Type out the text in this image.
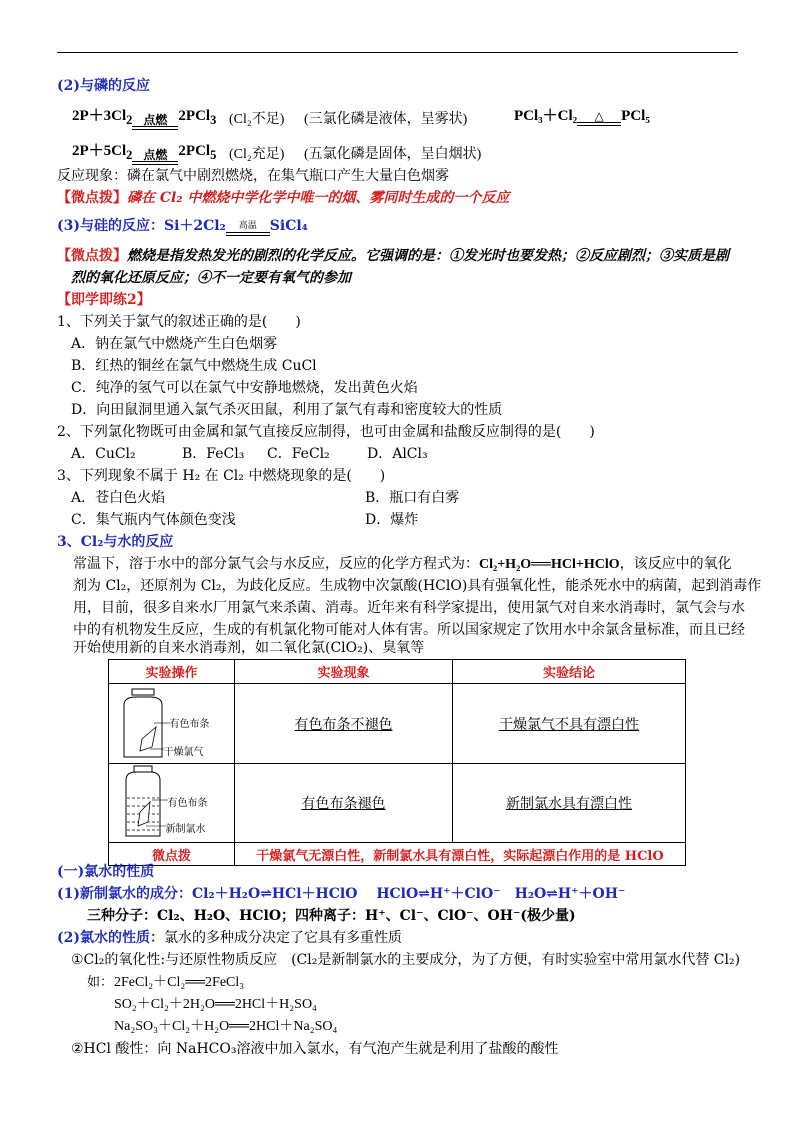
(2)与磷的反应
$2P+3Cl_2$ 点燃 2PCl$_3$ (Cl₂不足) (三氯化磷是液体，呈雾状)	PCl₃＋Cl₂	△	PCl₅
$2P+5Cl_2$ 点燃 2PCl$_5$ (Cl₂充足) (五氯化磷是固体，呈白烟状)
反应现象：磷在氯气中剧烈燃烧，在集气瓶口产生大量白色烟雾
【微点拨】磷在 Cl₂ 中燃烧中学化学中唯一的烟、雾同时生成的一个反应
(3)与硅的反应：Si＋2Cl₂	高温 SiCl₄
【微点拨】燃烧是指发热发光的剧烈的化学反应。它强调的是：①发光时也要发热；②反应剧烈；③实质是剧
烈的氧化还原反应；④不一定要有氧气的参加
【即学即练2】
1、下列关于氯气的叙述正确的是(　　)
A．钠在氯气中燃烧产生白色烟雾
B．红热的铜丝在氯气中燃烧生成 CuCl
C．纯净的氢气可以在氯气中安静地燃烧，发出黄色火焰
D．向田鼠洞里通入氯气杀灭田鼠，利用了氯气有毒和密度较大的性质
2、下列氯化物既可由金属和氯气直接反应制得，也可由金属和盐酸反应制得的是(　　)
A．CuCl₂	B．FeCl₃ C．FeCl₂	D．AlCl₃
3、下列现象不属于 H₂ 在 Cl₂ 中燃烧现象的是(　　)
A．苍白色火焰	B．瓶口有白雾
C．集气瓶内气体颜色变浅	D．爆炸
3、Cl₂与水的反应
常温下，溶于水中的部分氯气会与水反应，反应的化学方程式为：Cl₂+H₂O══HCl+HClO，该反应中的氧化
剂为 Cl₂，还原剂为 Cl₂，为歧化反应。生成物中次氯酸(HClO)具有强氧化性，能杀死水中的病菌，起到消毒作
用，目前，很多自来水厂用氯气来杀菌、消毒。近年来有科学家提出，使用氯气对自来水消毒时，氯气会与水
中的有机物发生反应，生成的有机氯化物可能对人体有害。所以国家规定了饮用水中余氯含量标准，而且已经
开始使用新的自来水消毒剂，如二氧化氯(ClO₂)、臭氧等
实验操作	实验现象	实验结论

有色布条
干燥氯气	有色布条不褪色	干燥氯气不具有漂白性

有色布条
新制氯水	有色布条褪色	新制氯水具有漂白性
微点拨	干燥氯气无漂白性，新制氯水具有漂白性，实际起漂白作用的是 HClO	
(一)氯水的性质
(1)新制氯水的成分：Cl₂＋H₂O⇌HCl＋HClO　 HClO⇌H⁺＋ClO⁻　H₂O⇌H⁺＋OH⁻
三种分子：Cl₂、H₂O、HClO；四种离子：H⁺、Cl⁻、ClO⁻、OH⁻(极少量)
(2)氯水的性质：氯水的多种成分决定了它具有多重性质
①Cl₂的氧化性:与还原性物质反应　(Cl₂是新制氯水的主要成分，为了方便，有时实验室中常用氯水代替 Cl₂)
如： 2FeCl₂＋Cl₂══2FeCl₃
SO₂＋Cl₂＋2H₂O══2HCl＋H₂SO₄
Na₂SO₃＋Cl₂＋H₂O══2HCl＋Na₂SO₄
②HCl 酸性：向 NaHCO₃溶液中加入氯水，有气泡产生就是利用了盐酸的酸性
